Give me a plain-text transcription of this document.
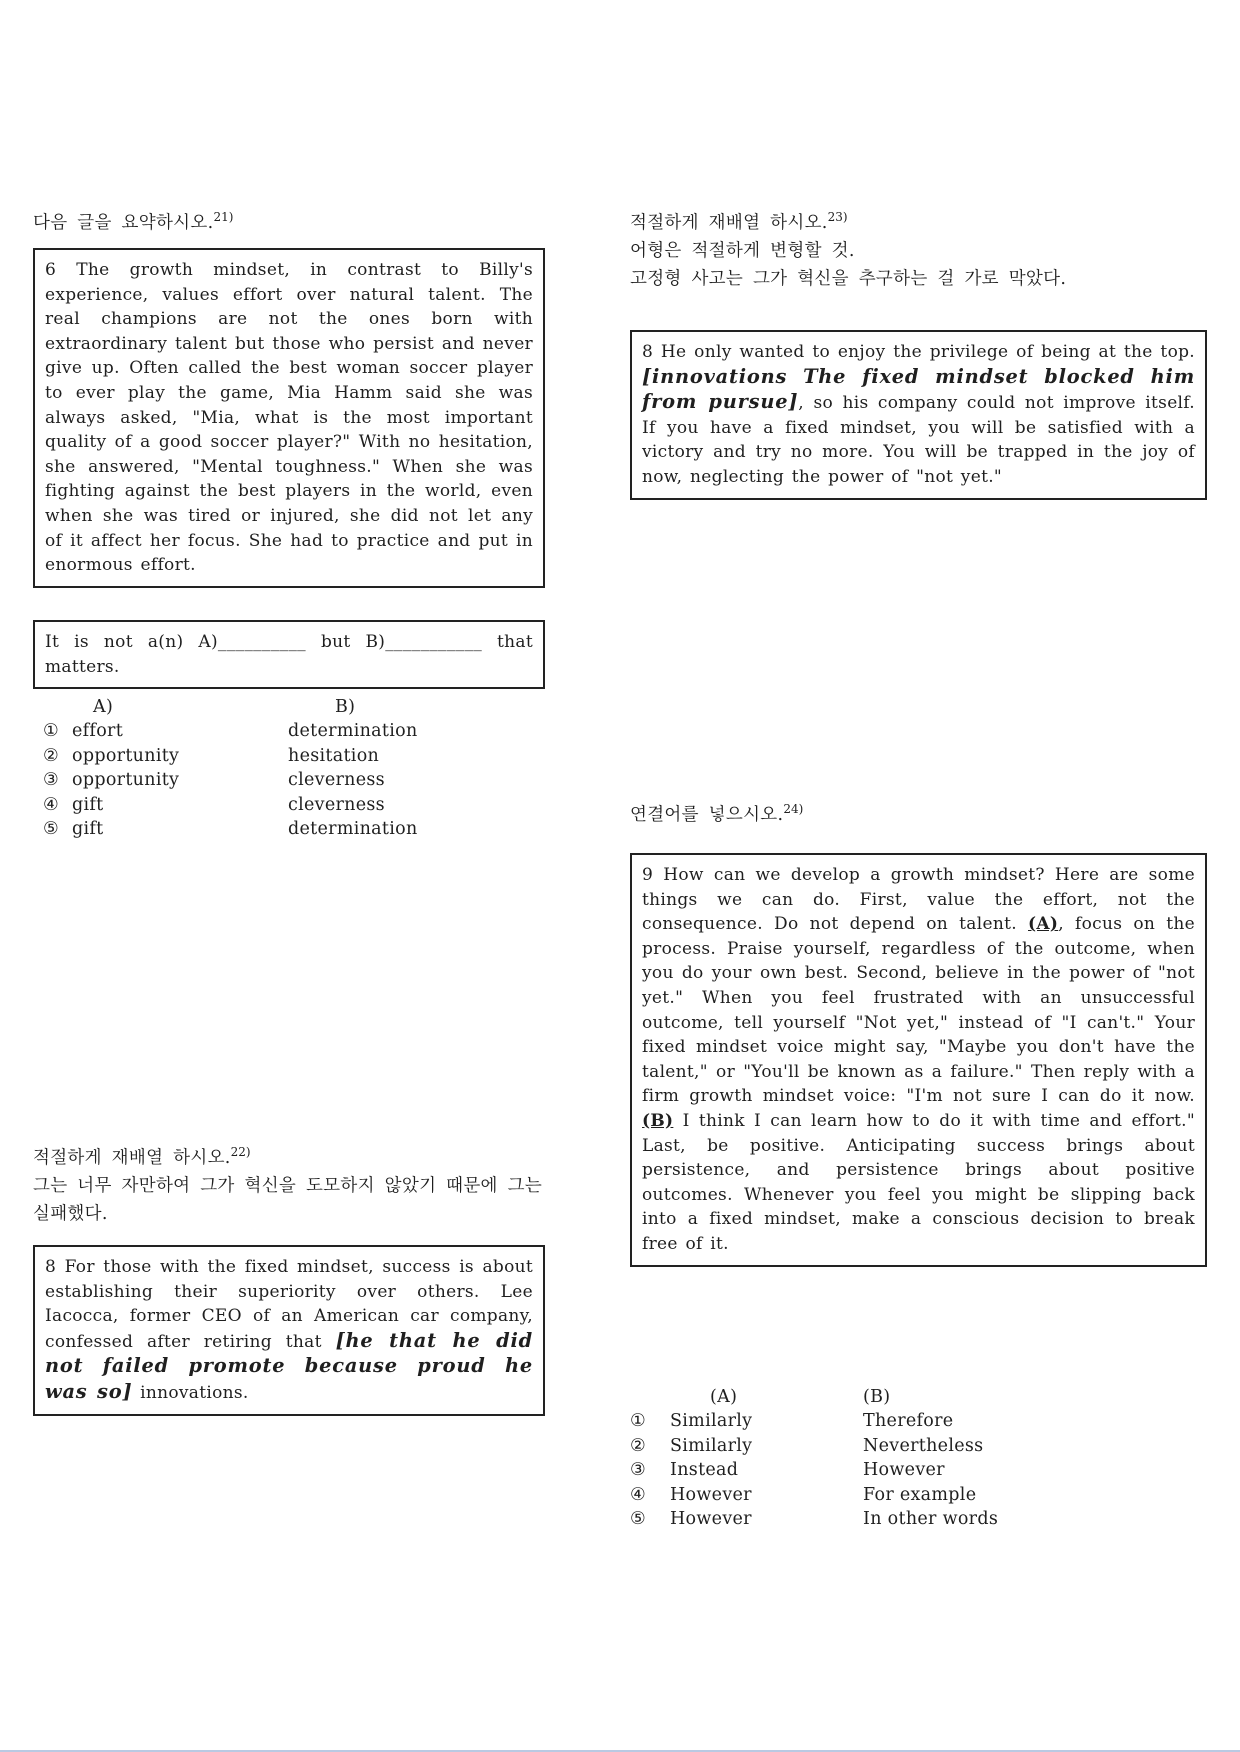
다음 글을 요약하시오.$^{21)}$

6 The growth mindset, in contrast to Billy's experience, values effort over natural talent. The real champions are not the ones born with extraordinary talent but those who persist and never give up. Often called the best woman soccer player to ever play the game, Mia Hamm said she was always asked, "Mia, what is the most important quality of a good soccer player?" With no hesitation, she answered, "Mental toughness." When she was fighting against the best players in the world, even when she was tired or injured, she did not let any of it affect her focus. She had to practice and put in enormous effort.

It is not a(n) A)__________ but B)___________ that matters.

A)	B)
① effort	determination
② opportunity	hesitation
③ opportunity	cleverness
④ gift	cleverness
⑤ gift	determination
적절하게 재배열 하시오.$^{22)}$
그는 너무 자만하여 그가 혁신을 도모하지 않았기 때문에 그는 실패했다.

8 For those with the fixed mindset, success is about establishing their superiority over others. Lee Iacocca, former CEO of an American car company, confessed after retiring that [he that he did not failed promote because proud he was so] innovations.

적절하게 재배열 하시오.$^{23)}$
어형은 적절하게 변형할 것.
고정형 사고는 그가 혁신을 추구하는 걸 가로 막았다.

8 He only wanted to enjoy the privilege of being at the top. [innovations The fixed mindset blocked him from pursue], so his company could not improve itself. If you have a fixed mindset, you will be satisfied with a victory and try no more. You will be trapped in the joy of now, neglecting the power of "not yet."

연결어를 넣으시오.$^{24)}$

9 How can we develop a growth mindset? Here are some things we can do. First, value the effort, not the consequence. Do not depend on talent. (A), focus on the process. Praise yourself, regardless of the outcome, when you do your own best. Second, believe in the power of "not yet." When you feel frustrated with an unsuccessful outcome, tell yourself "Not yet," instead of "I can't." Your fixed mindset voice might say, "Maybe you don't have the talent," or "You'll be known as a failure." Then reply with a firm growth mindset voice: "I'm not sure I can do it now. (B) I think I can learn how to do it with time and effort." Last, be positive. Anticipating success brings about persistence, and persistence brings about positive outcomes. Whenever you feel you might be slipping back into a fixed mindset, make a conscious decision to break free of it.

(A)	(B)
①	Similarly	Therefore
②	Similarly	Nevertheless
③	Instead	However
④	However	For example
⑤	However	In other words
